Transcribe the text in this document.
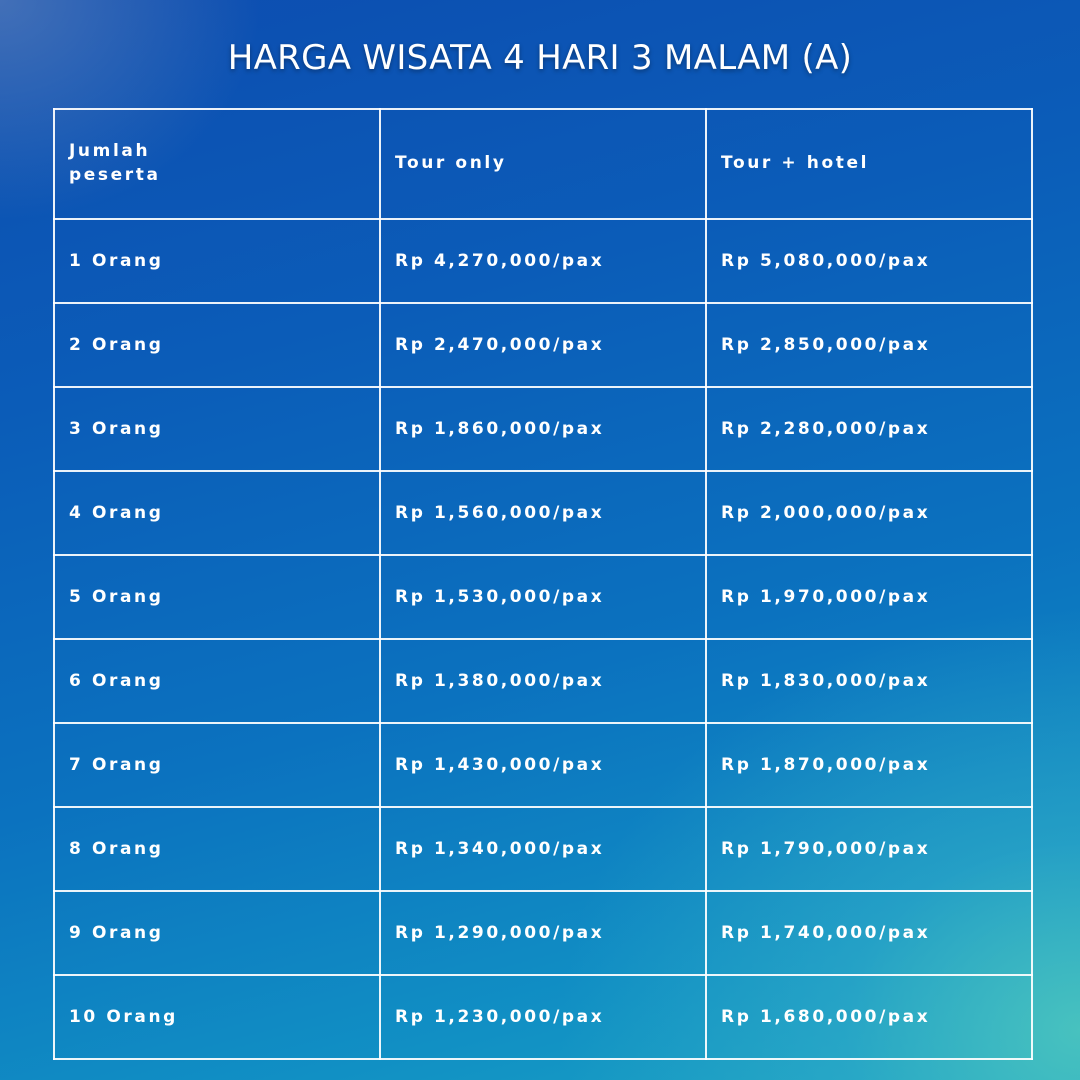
HARGA WISATA 4 HARI 3 MALAM (A)
Jumlah peserta	Tour only	Tour + hotel
1 Orang	Rp 4,270,000/pax	Rp 5,080,000/pax
2 Orang	Rp 2,470,000/pax	Rp 2,850,000/pax
3 Orang	Rp 1,860,000/pax	Rp 2,280,000/pax
4 Orang	Rp 1,560,000/pax	Rp 2,000,000/pax
5 Orang	Rp 1,530,000/pax	Rp 1,970,000/pax
6 Orang	Rp 1,380,000/pax	Rp 1,830,000/pax
7 Orang	Rp 1,430,000/pax	Rp 1,870,000/pax
8 Orang	Rp 1,340,000/pax	Rp 1,790,000/pax
9 Orang	Rp 1,290,000/pax	Rp 1,740,000/pax
10 Orang	Rp 1,230,000/pax	Rp 1,680,000/pax
